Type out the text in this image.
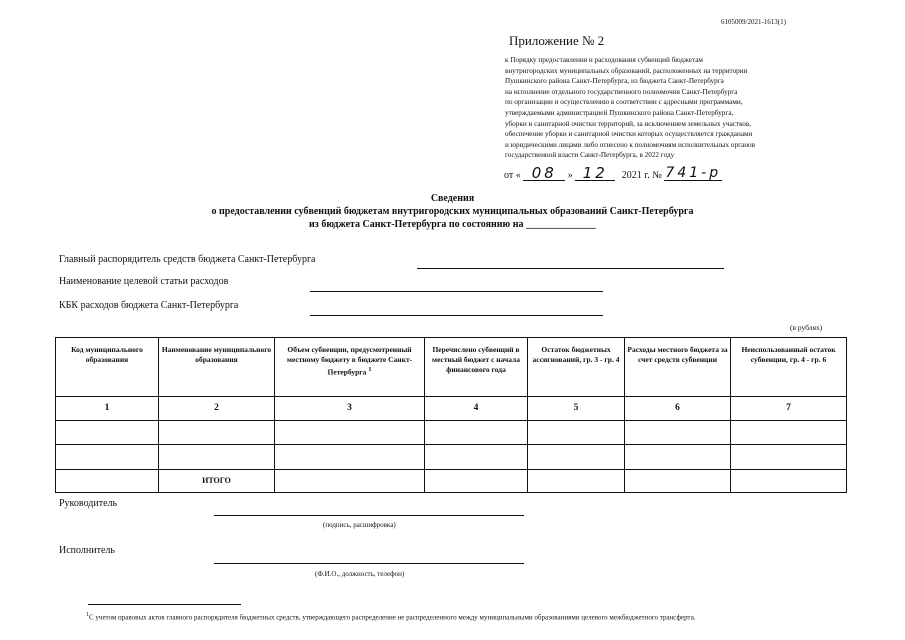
6105009/2021-1613(1)
Приложение № 2
к Порядку предоставления и расходования субвенций бюджетам
внутригородских муниципальных образований, расположенных на территории
Пушкинского района Санкт-Петербурга, из бюджета Санкт-Петербурга
на исполнение отдельного государственного полномочия Санкт-Петербурга
по организации и осуществлению в соответствии с адресными программами,
утверждаемыми администрацией Пушкинского района Санкт-Петербурга,
уборки и санитарной очистки территорий, за исключением земельных участков,
обеспечение уборки и санитарной очистки которых осуществляется гражданами
и юридическими лицами либо отнесено к полномочиям исполнительных органов
государственной власти Санкт-Петербурга, в 2022 году
от « 08 » 12 2021 г. № 741-р
Сведения
о предоставлении субвенций бюджетам внутригородских муниципальных образований Санкт-Петербурга
из бюджета Санкт-Петербурга по состоянию на ______________
Главный распорядитель средств бюджета Санкт-Петербурга
Наименование целевой статьи расходов
КБК расходов бюджета Санкт-Петербурга
(в рублях)
Код муниципального образования	Наименование муниципального образования	Объем субвенции, предусмотренный местному бюджету в бюджете Санкт-Петербурга $^1$	Перечислено субвенций в местный бюджет с начала финансового года	Остаток бюджетных ассигнований, гр. 3 - гр. 4	Расходы местного бюджета за счет средств субвенции	Неиспользованный остаток субвенции, гр. 4 - гр. 6
1	2	3	4	5	6	7

	ИТОГО					
Руководитель
(подпись, расшифровка)
Исполнитель
(Ф.И.О., должность, телефон)
$^1$С учетом правовых актов главного распорядителя бюджетных средств, утверждающего распределение не распределенного между муниципальными образованиями целевого межбюджетного трансферта.
